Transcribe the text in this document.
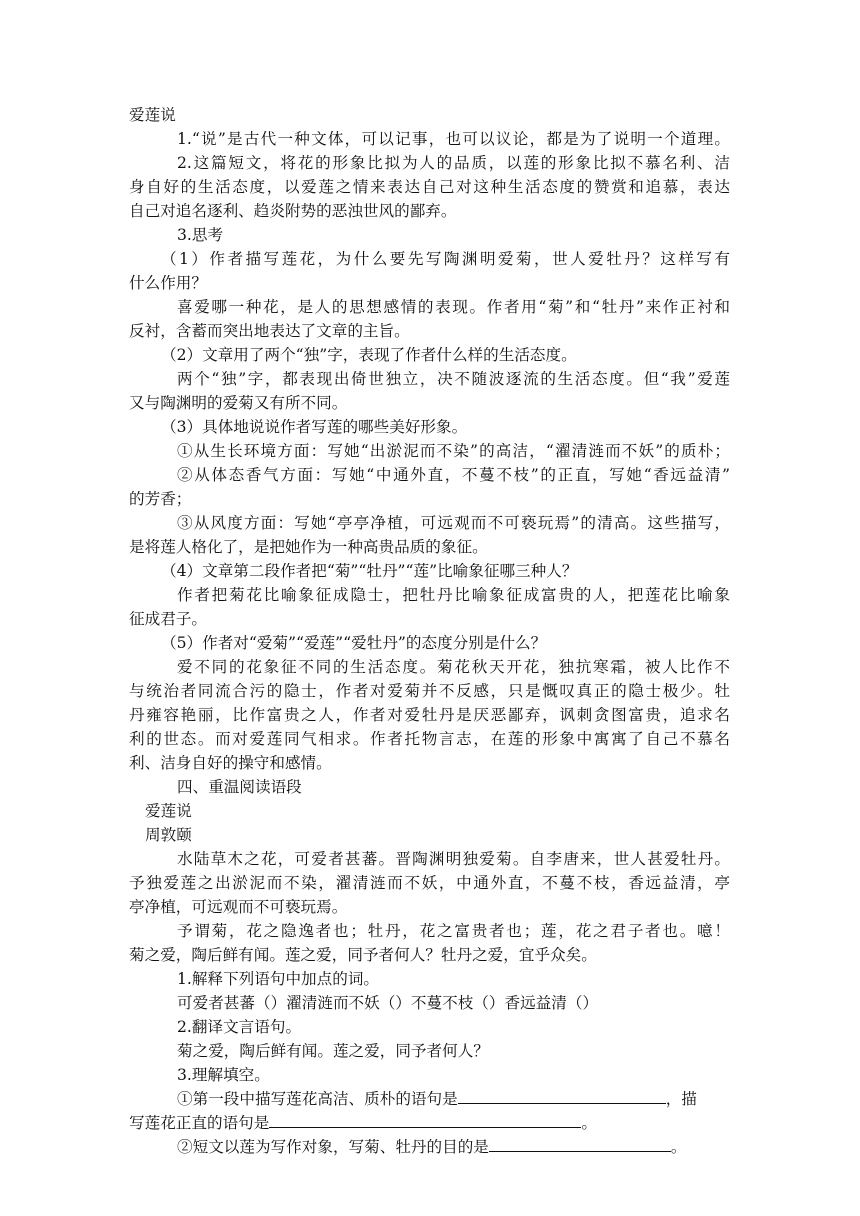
爱莲说
1.“说”是古代一种文体，可以记事，也可以议论，都是为了说明一个道理。
2.这篇短文，将花的形象比拟为人的品质，以莲的形象比拟不慕名利、洁
身自好的生活态度，以爱莲之情来表达自己对这种生活态度的赞赏和追慕，表达
自己对追名逐利、趋炎附势的恶浊世风的鄙弃。
3.思考
（1）作者描写莲花，为什么要先写陶渊明爱菊，世人爱牡丹？这样写有
什么作用？
喜爱哪一种花，是人的思想感情的表现。作者用“菊”和“牡丹”来作正衬和
反衬，含蓄而突出地表达了文章的主旨。
（2）文章用了两个“独”字，表现了作者什么样的生活态度。
两个“独”字，都表现出倚世独立，决不随波逐流的生活态度。但“我”爱莲
又与陶渊明的爱菊又有所不同。
（3）具体地说说作者写莲的哪些美好形象。
①从生长环境方面：写她“出淤泥而不染”的高洁，“濯清涟而不妖”的质朴；
②从体态香气方面：写她“中通外直，不蔓不枝”的正直，写她“香远益清”
的芳香；
③从风度方面：写她“亭亭净植，可远观而不可亵玩焉”的清高。这些描写，
是将莲人格化了，是把她作为一种高贵品质的象征。
（4）文章第二段作者把“菊”“牡丹”“莲”比喻象征哪三种人？
作者把菊花比喻象征成隐士，把牡丹比喻象征成富贵的人，把莲花比喻象
征成君子。
（5）作者对“爱菊”“爱莲”“爱牡丹”的态度分别是什么？
爱不同的花象征不同的生活态度。菊花秋天开花，独抗寒霜，被人比作不
与统治者同流合污的隐士，作者对爱菊并不反感，只是慨叹真正的隐士极少。牡
丹雍容艳丽，比作富贵之人，作者对爱牡丹是厌恶鄙弃，讽刺贪图富贵，追求名
利的世态。而对爱莲同气相求。作者托物言志，在莲的形象中寓寓了自己不慕名
利、洁身自好的操守和感情。
四、重温阅读语段
爱莲说
周敦颐
水陆草木之花，可爱者甚蕃。晋陶渊明独爱菊。自李唐来，世人甚爱牡丹。
予独爱莲之出淤泥而不染，濯清涟而不妖，中通外直，不蔓不枝，香远益清，亭
亭净植，可远观而不可亵玩焉。
予谓菊，花之隐逸者也；牡丹，花之富贵者也；莲，花之君子者也。噫！
菊之爱，陶后鲜有闻。莲之爱，同予者何人？牡丹之爱，宜乎众矣。
1.解释下列语句中加点的词。
可爱者甚蕃（）濯清涟而不妖（）不蔓不枝（）香远益清（）
2.翻译文言语句。
菊之爱，陶后鲜有闻。莲之爱，同予者何人？
3.理解填空。
①第一段中描写莲花高洁、质朴的语句是	，描
写莲花正直的语句是	。
②短文以莲为写作对象，写菊、牡丹的目的是	。
